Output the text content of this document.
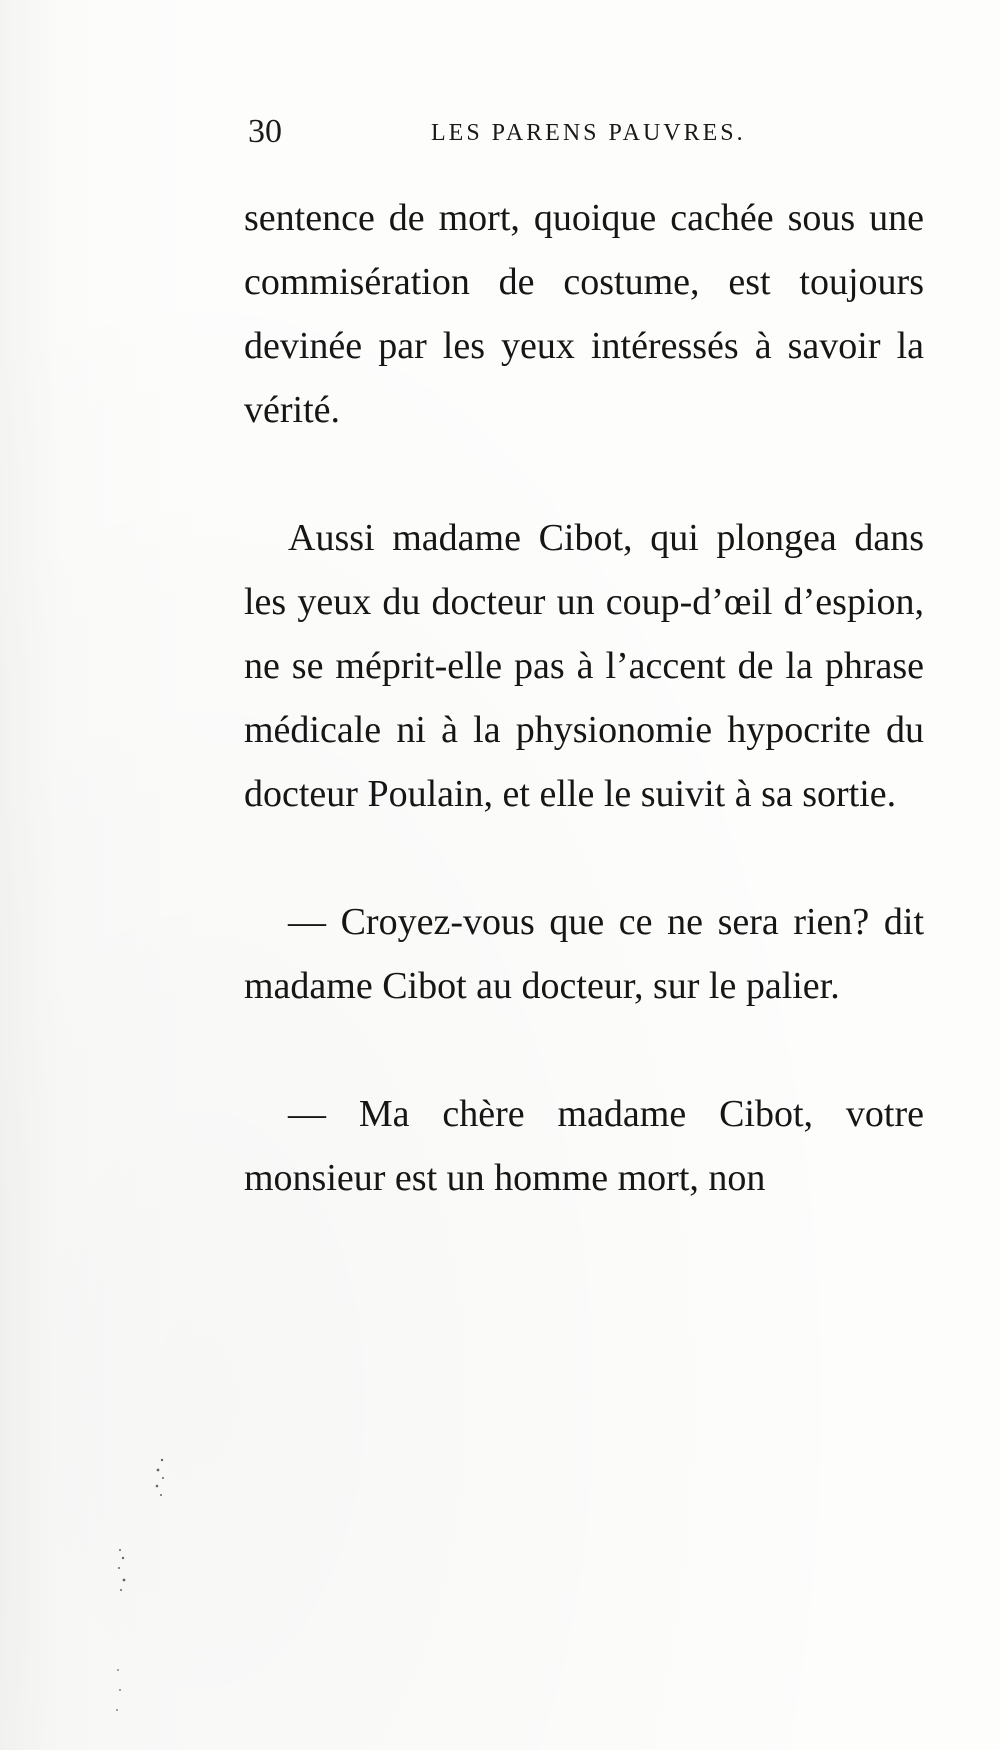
30	LES PARENS PAUVRES.

sentence de mort, quoique cachée sous une commisération de costume, est toujours devinée par les yeux intéressés à savoir la vérité.

Aussi madame Cibot, qui plongea dans les yeux du docteur un coup-d’œil d’espion, ne se méprit-elle pas à l’accent de la phrase médicale ni à la physionomie hypocrite du docteur Poulain, et elle le suivit à sa sortie.

— Croyez-vous que ce ne sera rien? dit madame Cibot au docteur, sur le palier.

— Ma chère madame Cibot, votre monsieur est un homme mort, non
